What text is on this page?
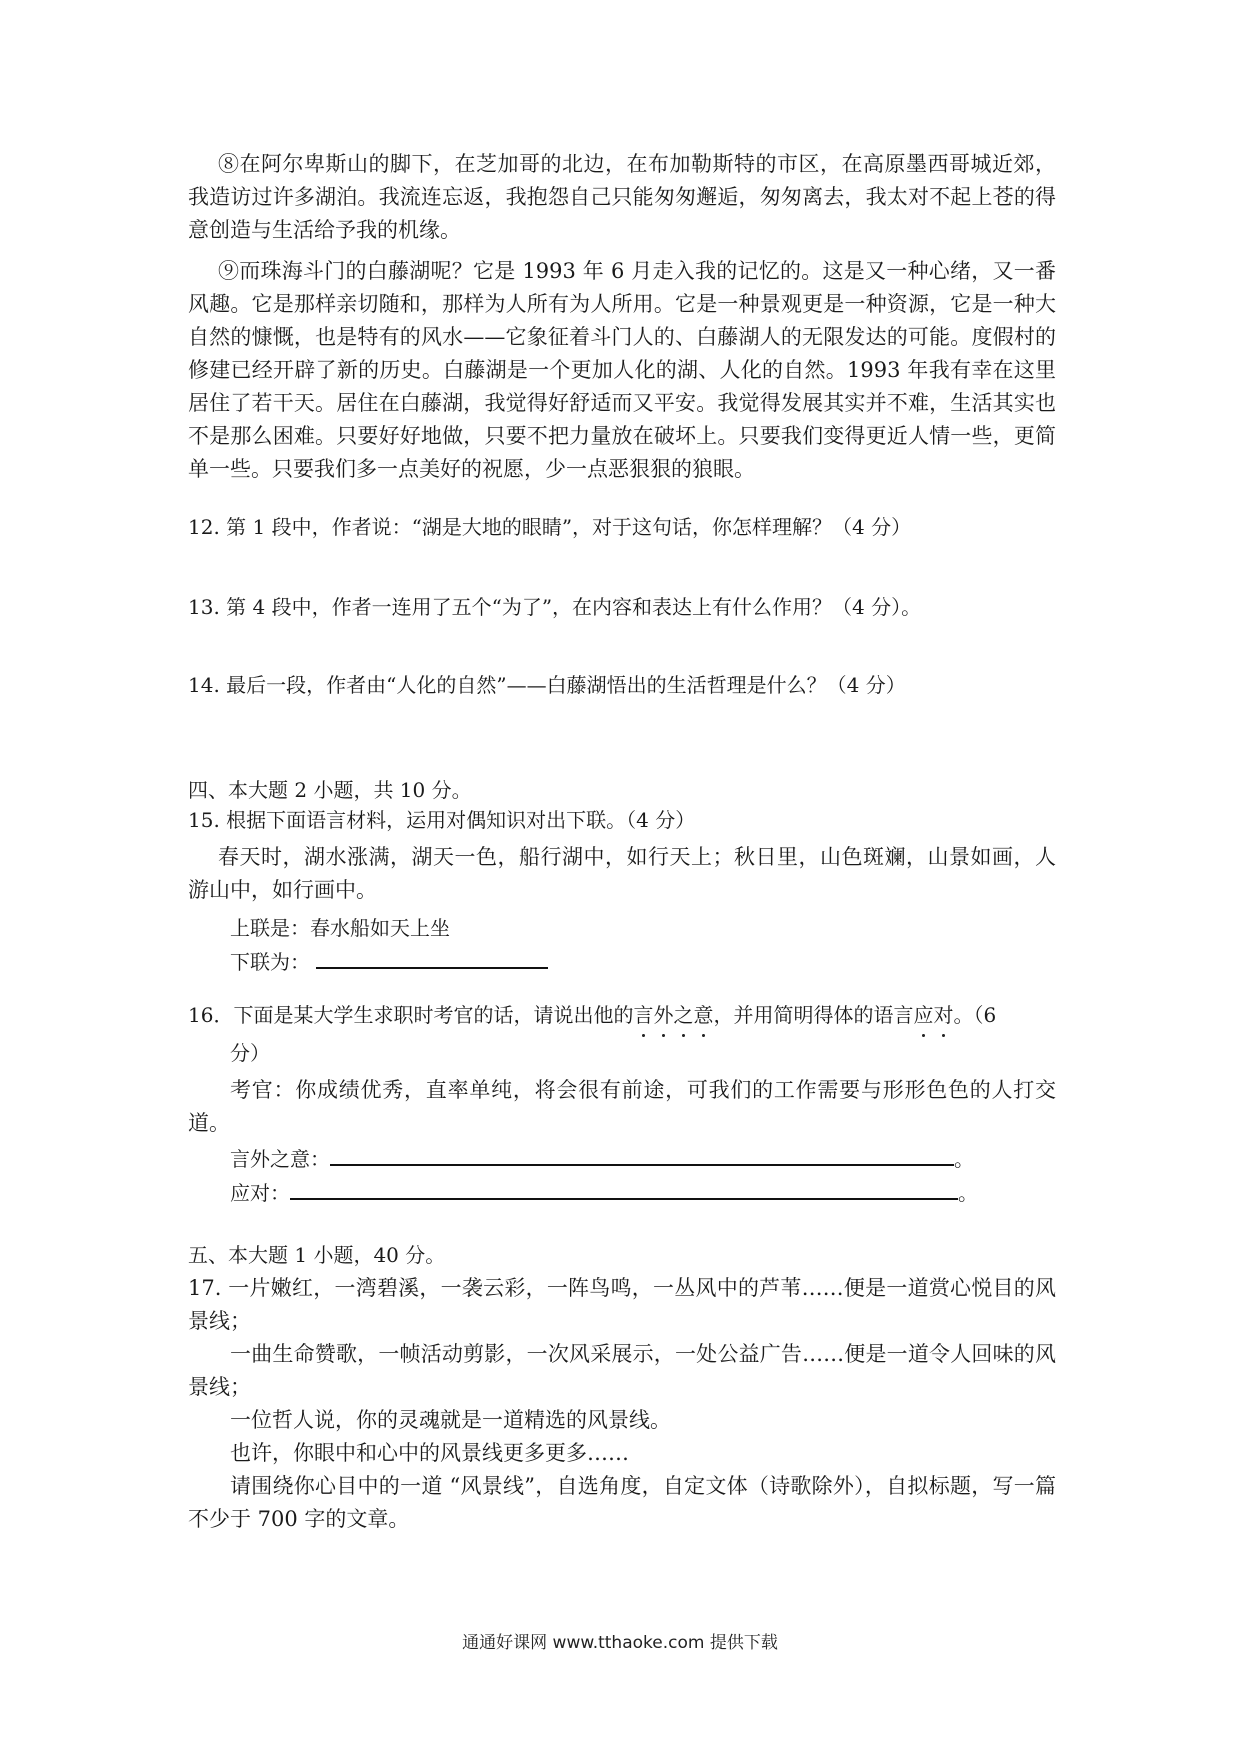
⑧在阿尔卑斯山的脚下，在芝加哥的北边，在布加勒斯特的市区，在高原墨西哥城近郊，我造访过许多湖泊。我流连忘返，我抱怨自己只能匆匆邂逅，匆匆离去，我太对不起上苍的得意创造与生活给予我的机缘。

⑨而珠海斗门的白藤湖呢？它是 1993 年 6 月走入我的记忆的。这是又一种心绪，又一番风趣。它是那样亲切随和，那样为人所有为人所用。它是一种景观更是一种资源，它是一种大自然的慷慨，也是特有的风水——它象征着斗门人的、白藤湖人的无限发达的可能。度假村的修建已经开辟了新的历史。白藤湖是一个更加人化的湖、人化的自然。1993 年我有幸在这里居住了若干天。居住在白藤湖，我觉得好舒适而又平安。我觉得发展其实并不难，生活其实也不是那么困难。只要好好地做，只要不把力量放在破坏上。只要我们变得更近人情一些，更简单一些。只要我们多一点美好的祝愿，少一点恶狠狠的狼眼。

12. 第 1 段中，作者说：“湖是大地的眼睛”，对于这句话，你怎样理解？（4 分）

13. 第 4 段中，作者一连用了五个“为了”，在内容和表达上有什么作用？（4 分）。

14. 最后一段，作者由“人化的自然”——白藤湖悟出的生活哲理是什么？（4 分）

四、本大题 2 小题，共 10 分。

15. 根据下面语言材料，运用对偶知识对出下联。（4 分）

春天时，湖水涨满，湖天一色，船行湖中，如行天上；秋日里，山色斑斓，山景如画，人游山中，如行画中。

上联是：春水船如天上坐

下联为：

16．下面是某大学生求职时考官的话，请说出他的言外之意，并用简明得体的语言应对。（6

分）

考官：你成绩优秀，直率单纯，将会很有前途，可我们的工作需要与形形色色的人打交道。

言外之意：	。

应对：	。

五、本大题 1 小题，40 分。

17. 一片嫩红，一湾碧溪，一袭云彩，一阵鸟鸣，一丛风中的芦苇……便是一道赏心悦目的风景线；

一曲生命赞歌，一帧活动剪影，一次风采展示，一处公益广告……便是一道令人回味的风景线；

一位哲人说，你的灵魂就是一道精选的风景线。

也许，你眼中和心中的风景线更多更多……

请围绕你心目中的一道 “风景线”，自选角度，自定文体（诗歌除外），自拟标题，写一篇不少于 700 字的文章。

通通好课网 www.tthaoke.com 提供下载
